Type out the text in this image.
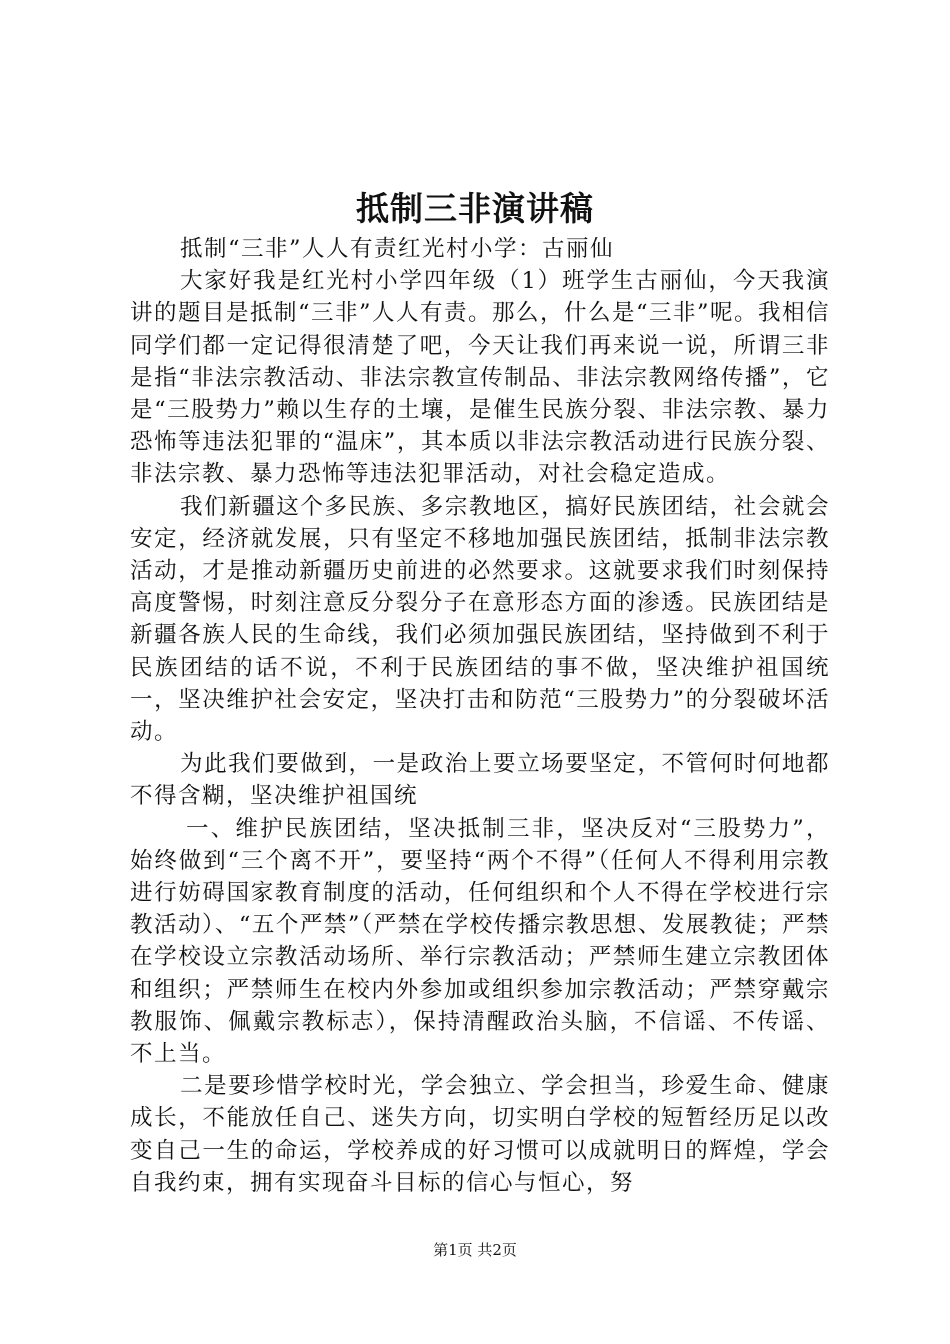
抵制三非演讲稿

抵制“三非”人人有责红光村小学：古丽仙

大家好我是红光村小学四年级（1）班学生古丽仙，今天我演讲的题目是抵制“三非”人人有责。那么，什么是“三非”呢。我相信同学们都一定记得很清楚了吧，今天让我们再来说一说，所谓三非是指“非法宗教活动、非法宗教宣传制品、非法宗教网络传播”，它是“三股势力”赖以生存的土壤，是催生民族分裂、非法宗教、暴力恐怖等违法犯罪的“温床”，其本质以非法宗教活动进行民族分裂、非法宗教、暴力恐怖等违法犯罪活动，对社会稳定造成。

我们新疆这个多民族、多宗教地区，搞好民族团结，社会就会安定，经济就发展，只有坚定不移地加强民族团结，抵制非法宗教活动，才是推动新疆历史前进的必然要求。这就要求我们时刻保持高度警惕，时刻注意反分裂分子在意形态方面的渗透。民族团结是新疆各族人民的生命线，我们必须加强民族团结，坚持做到不利于民族团结的话不说，不利于民族团结的事不做，坚决维护祖国统一，坚决维护社会安定，坚决打击和防范“三股势力”的分裂破坏活动。

为此我们要做到，一是政治上要立场要坚定，不管何时何地都不得含糊，坚决维护祖国统

一、维护民族团结，坚决抵制三非，坚决反对“三股势力”，始终做到“三个离不开”，要坚持“两个不得”（任何人不得利用宗教进行妨碍国家教育制度的活动，任何组织和个人不得在学校进行宗教活动）、“五个严禁”（严禁在学校传播宗教思想、发展教徒；严禁在学校设立宗教活动场所、举行宗教活动；严禁师生建立宗教团体和组织；严禁师生在校内外参加或组织参加宗教活动；严禁穿戴宗教服饰、佩戴宗教标志），保持清醒政治头脑，不信谣、不传谣、不上当。

二是要珍惜学校时光，学会独立、学会担当，珍爱生命、健康成长，不能放任自己、迷失方向，切实明白学校的短暂经历足以改变自己一生的命运，学校养成的好习惯可以成就明日的辉煌，学会自我约束，拥有实现奋斗目标的信心与恒心，努

第1页 共2页
